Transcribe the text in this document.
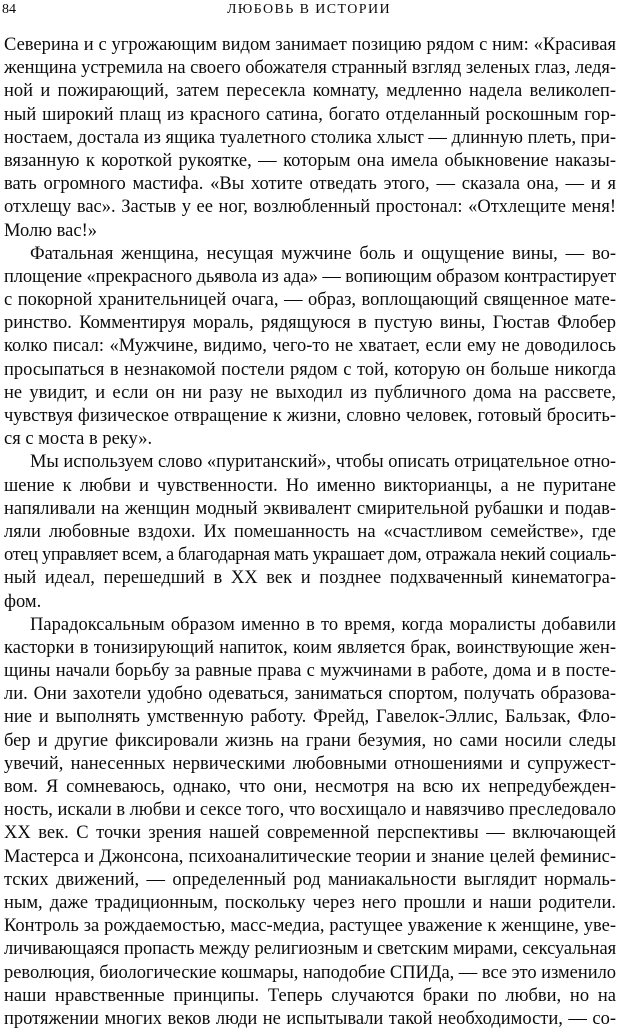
84	ЛЮБОВЬ В ИСТОРИИ
Северина и с угрожающим видом занимает позицию рядом с ним: «Красивая
женщина устремила на своего обожателя странный взгляд зеленых глаз, ледя-
ной и пожирающий, затем пересекла комнату, медленно надела великолеп-
ный широкий плащ из красного сатина, богато отделанный роскошным гор-
ностаем, достала из ящика туалетного столика хлыст — длинную плеть, при-
вязанную к короткой рукоятке, — которым она имела обыкновение наказы-
вать огромного мастифа. «Вы хотите отведать этого, — сказала она, — и я
отхлещу вас». Застыв у ее ног, возлюбленный простонал: «Отхлещите меня!
Молю вас!»
Фатальная женщина, несущая мужчине боль и ощущение вины, — во-
площение «прекрасного дьявола из ада» — вопиющим образом контрастирует
с покорной хранительницей очага, — образ, воплощающий священное мате-
ринство. Комментируя мораль, рядящуюся в пустую вины, Гюстав Флобер
колко писал: «Мужчине, видимо, чего-то не хватает, если ему не доводилось
просыпаться в незнакомой постели рядом с той, которую он больше никогда
не увидит, и если он ни разу не выходил из публичного дома на рассвете,
чувствуя физическое отвращение к жизни, словно человек, готовый бросить-
ся с моста в реку».
Мы используем слово «пуританский», чтобы описать отрицательное отно-
шение к любви и чувственности. Но именно викторианцы, а не пуритане
напяливали на женщин модный эквивалент смирительной рубашки и подав-
ляли любовные вздохи. Их помешанность на «счастливом семействе», где
отец управляет всем, а благодарная мать украшает дом, отражала некий социаль-
ный идеал, перешедший в XX век и позднее подхваченный кинематогра-
фом.
Парадоксальным образом именно в то время, когда моралисты добавили
касторки в тонизирующий напиток, коим является брак, воинствующие жен-
щины начали борьбу за равные права с мужчинами в работе, дома и в посте-
ли. Они захотели удобно одеваться, заниматься спортом, получать образова-
ние и выполнять умственную работу. Фрейд, Гавелок-Эллис, Бальзак, Фло-
бер и другие фиксировали жизнь на грани безумия, но сами носили следы
увечий, нанесенных нервическими любовными отношениями и супружест-
вом. Я сомневаюсь, однако, что они, несмотря на всю их непредубежден-
ность, искали в любви и сексе того, что восхищало и навязчиво преследовало
XX век. С точки зрения нашей современной перспективы — включающей
Мастерса и Джонсона, психоаналитические теории и знание целей феминис-
тских движений, — определенный род маниакальности выглядит нормаль-
ным, даже традиционным, поскольку через него прошли и наши родители.
Контроль за рождаемостью, масс-медиа, растущее уважение к женщине, уве-
личивающаяся пропасть между религиозным и светским мирами, сексуальная
революция, биологические кошмары, наподобие СПИДа, — все это изменило
наши нравственные принципы. Теперь случаются браки по любви, но на
протяжении многих веков люди не испытывали такой необходимости, — со-
